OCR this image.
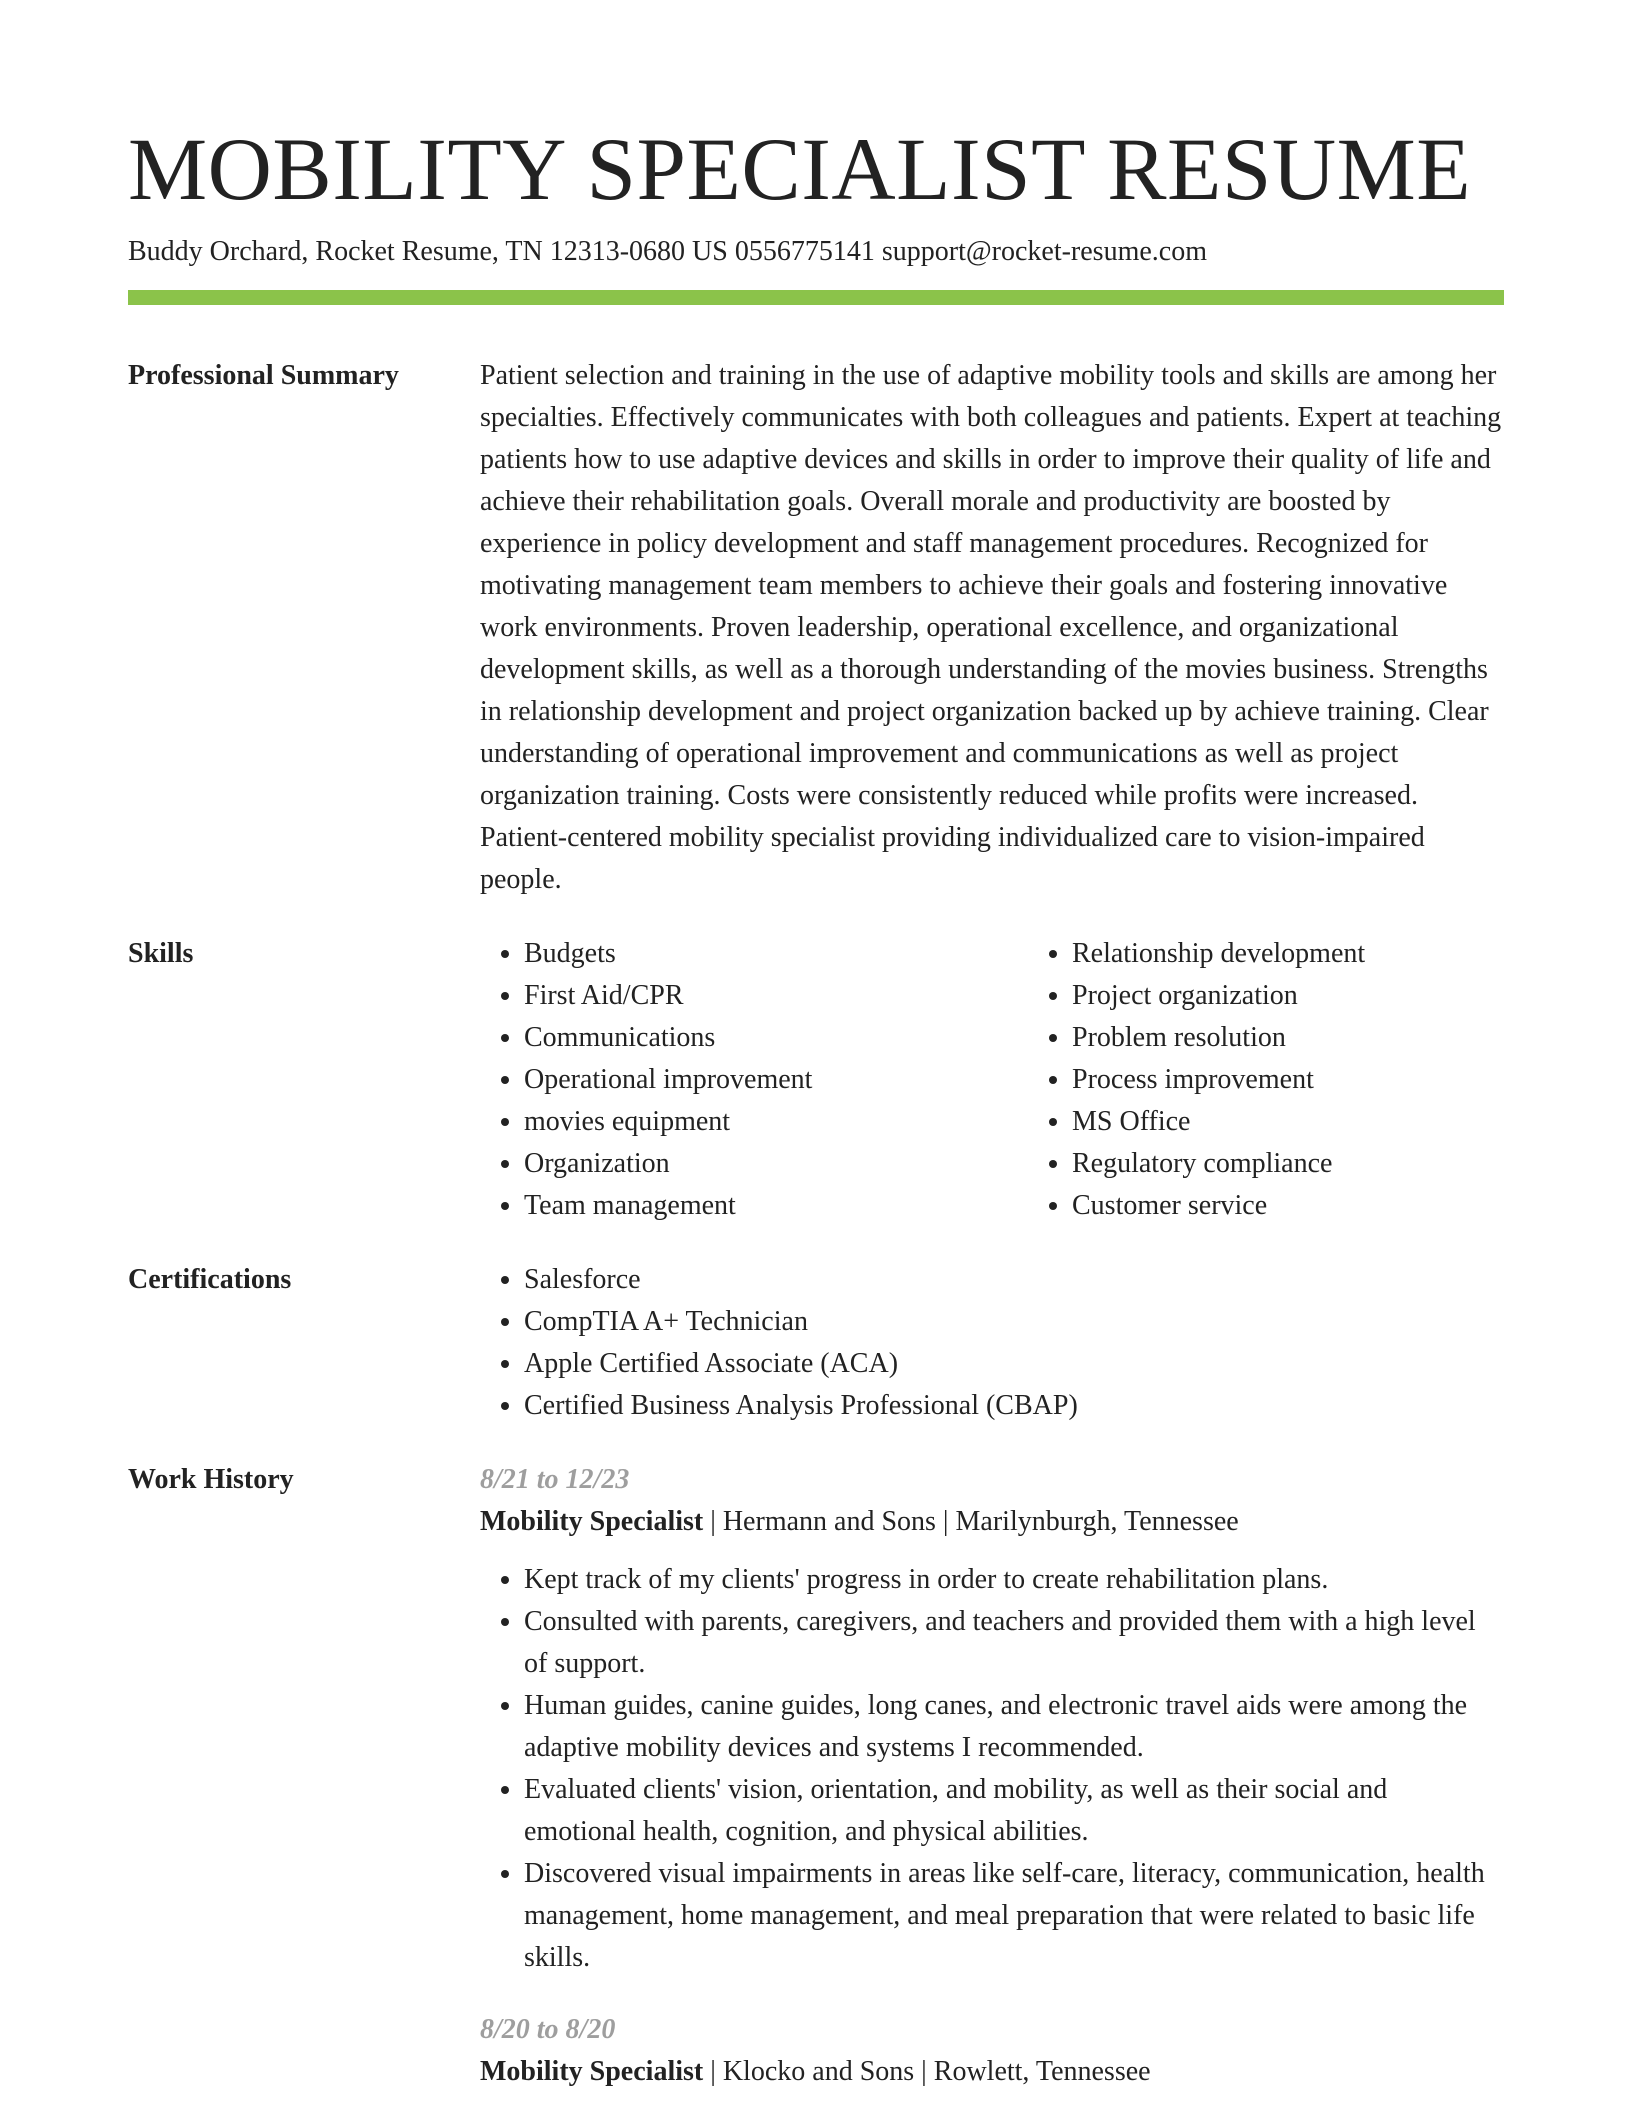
MOBILITY SPECIALIST RESUME
Buddy Orchard, Rocket Resume, TN 12313-0680 US 0556775141 support@rocket-resume.com
Professional Summary	Patient selection and training in the use of adaptive mobility tools and skills are among her specialties. Effectively communicates with both colleagues and patients. Expert at teaching patients how to use adaptive devices and skills in order to improve their quality of life and achieve their rehabilitation goals. Overall morale and productivity are boosted by experience in policy development and staff management procedures. Recognized for motivating management team members to achieve their goals and fostering innovative work environments. Proven leadership, operational excellence, and organizational development skills, as well as a thorough understanding of the movies business. Strengths in relationship development and project organization backed up by achieve training. Clear understanding of operational improvement and communications as well as project organization training. Costs were consistently reduced while profits were increased. Patient-centered mobility specialist providing individualized care to vision-impaired people.

Skills	• Budgets
• First Aid/CPR
• Communications
• Operational improvement
• movies equipment
• Organization
• Team management
• Relationship development
• Project organization
• Problem resolution
• Process improvement
• MS Office
• Regulatory compliance
• Customer service
Certifications	• Salesforce
• CompTIA A+ Technician
• Apple Certified Associate (ACA)
• Certified Business Analysis Professional (CBAP)
Work History	8/21 to 12/23
Mobility Specialist | Hermann and Sons | Marilynburgh, Tennessee
• Kept track of my clients' progress in order to create rehabilitation plans.
• Consulted with parents, caregivers, and teachers and provided them with a high level of support.
• Human guides, canine guides, long canes, and electronic travel aids were among the adaptive mobility devices and systems I recommended.
• Evaluated clients' vision, orientation, and mobility, as well as their social and emotional health, cognition, and physical abilities.
• Discovered visual impairments in areas like self-care, literacy, communication, health management, home management, and meal preparation that were related to basic life skills.
8/20 to 8/20
Mobility Specialist | Klocko and Sons | Rowlett, Tennessee
